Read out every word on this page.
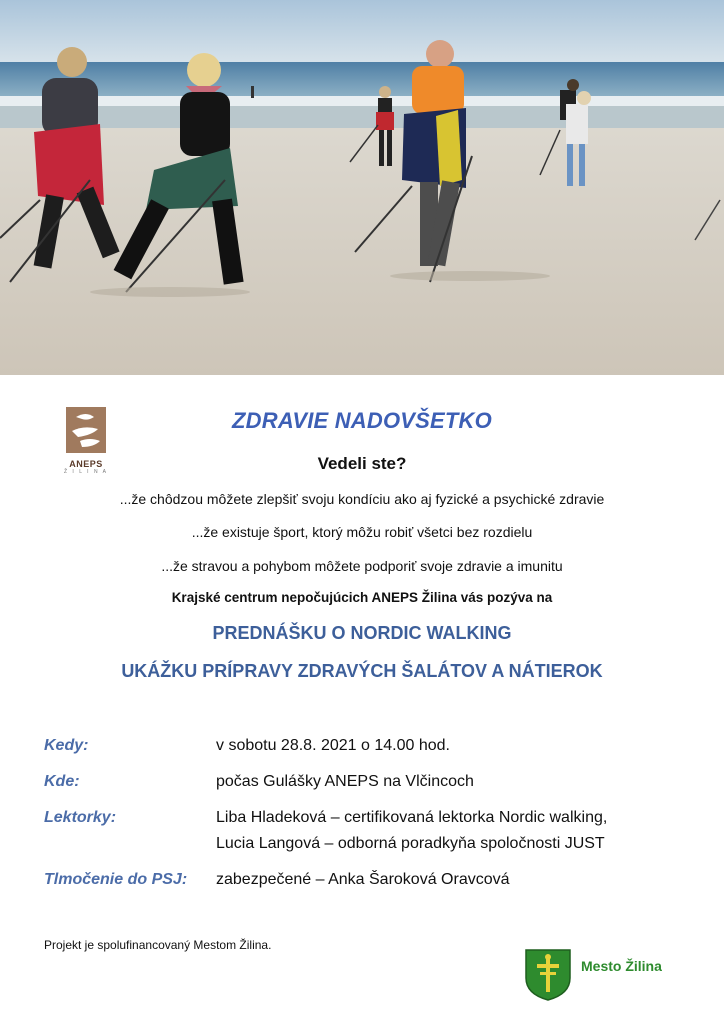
ANEPS
Ž I L I N A
ZDRAVIE NADOVŠETKO
Vedeli ste?
...že chôdzou môžete zlepšiť svoju kondíciu ako aj fyzické a psychické zdravie
...že existuje šport, ktorý môžu robiť všetci bez rozdielu
...že stravou a pohybom môžete podporiť svoje zdravie a imunitu
Krajské centrum nepočujúcich ANEPS Žilina vás pozýva na
PREDNÁŠKU O NORDIC WALKING
UKÁŽKU PRÍPRAVY ZDRAVÝCH ŠALÁTOV A NÁTIEROK
Kedy:	v sobotu 28.8. 2021 o 14.00 hod.
Kde:	počas Gulášky ANEPS na Vlčincoch
Lektorky:	Liba Hladeková – certifikovaná lektorka Nordic walking,
Lucia Langová – odborná poradkyňa spoločnosti JUST
Tlmočenie do PSJ: zabezpečené – Anka Šaroková Oravcová
Projekt je spolufinancovaný Mestom Žilina.
Mesto Žilina
